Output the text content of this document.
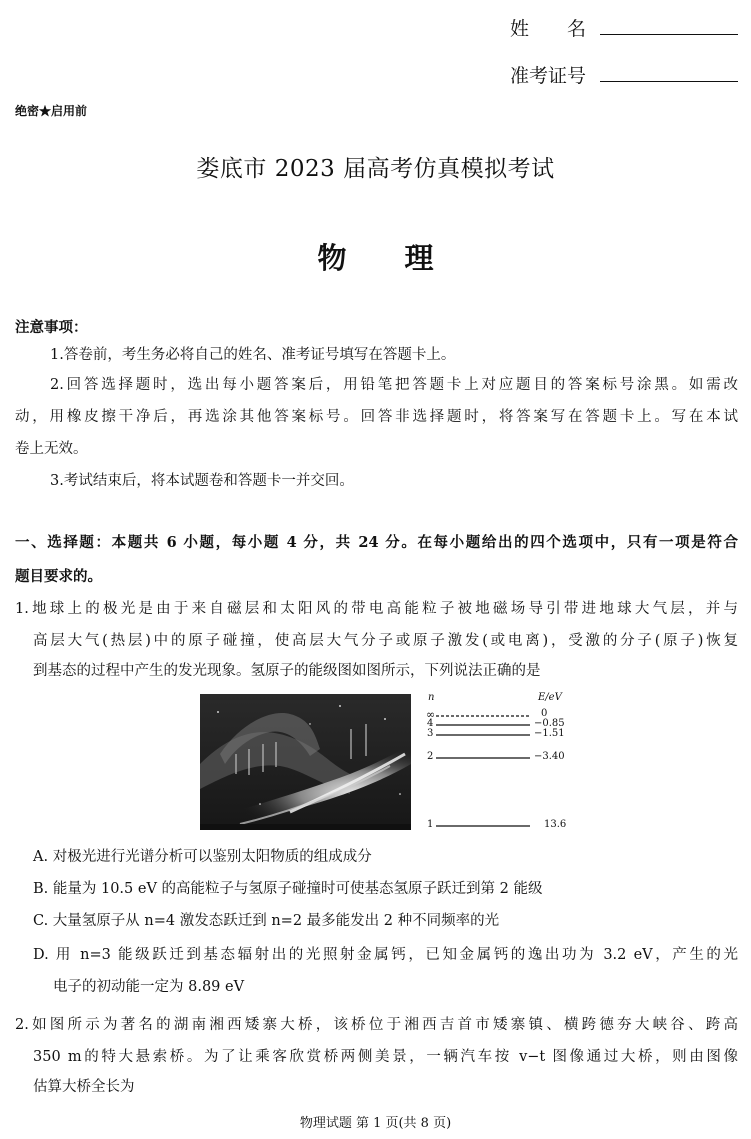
姓　　名
准考证号
绝密★启用前
娄底市 2023 届高考仿真模拟考试
物理
注意事项：
1.答卷前，考生务必将自己的姓名、准考证号填写在答题卡上。
2.回答选择题时，选出每小题答案后，用铅笔把答题卡上对应题目的答案标号涂黑。如需改
动，用橡皮擦干净后，再选涂其他答案标号。回答非选择题时，将答案写在答题卡上。写在本试
卷上无效。
3.考试结束后，将本试题卷和答题卡一并交回。
一、选择题：本题共 6 小题，每小题 4 分，共 24 分。在每小题给出的四个选项中，只有一项是符合
题目要求的。
1.地球上的极光是由于来自磁层和太阳风的带电高能粒子被地磁场导引带进地球大气层，并与
高层大气(热层)中的原子碰撞，使高层大气分子或原子激发(或电离)，受激的分子(原子)恢复
到基态的过程中产生的发光现象。氢原子的能级图如图所示，下列说法正确的是
n	E/eV
∞	0
4	−0.85
3	−1.51
2	−3.40
1	13.6
A. 对极光进行光谱分析可以鉴别太阳物质的组成成分
B. 能量为 10.5 eV 的高能粒子与氢原子碰撞时可使基态氢原子跃迁到第 2 能级
C. 大量氢原子从 n=4 激发态跃迁到 n=2 最多能发出 2 种不同频率的光
D. 用 n=3 能级跃迁到基态辐射出的光照射金属钙，已知金属钙的逸出功为 3.2 eV，产生的光
电子的初动能一定为 8.89 eV
2.如图所示为著名的湖南湘西矮寨大桥，该桥位于湘西吉首市矮寨镇、横跨德夯大峡谷、跨高
350 m的特大悬索桥。为了让乘客欣赏桥两侧美景，一辆汽车按 v−t 图像通过大桥，则由图像
估算大桥全长为
物理试题 第 1 页(共 8 页)
